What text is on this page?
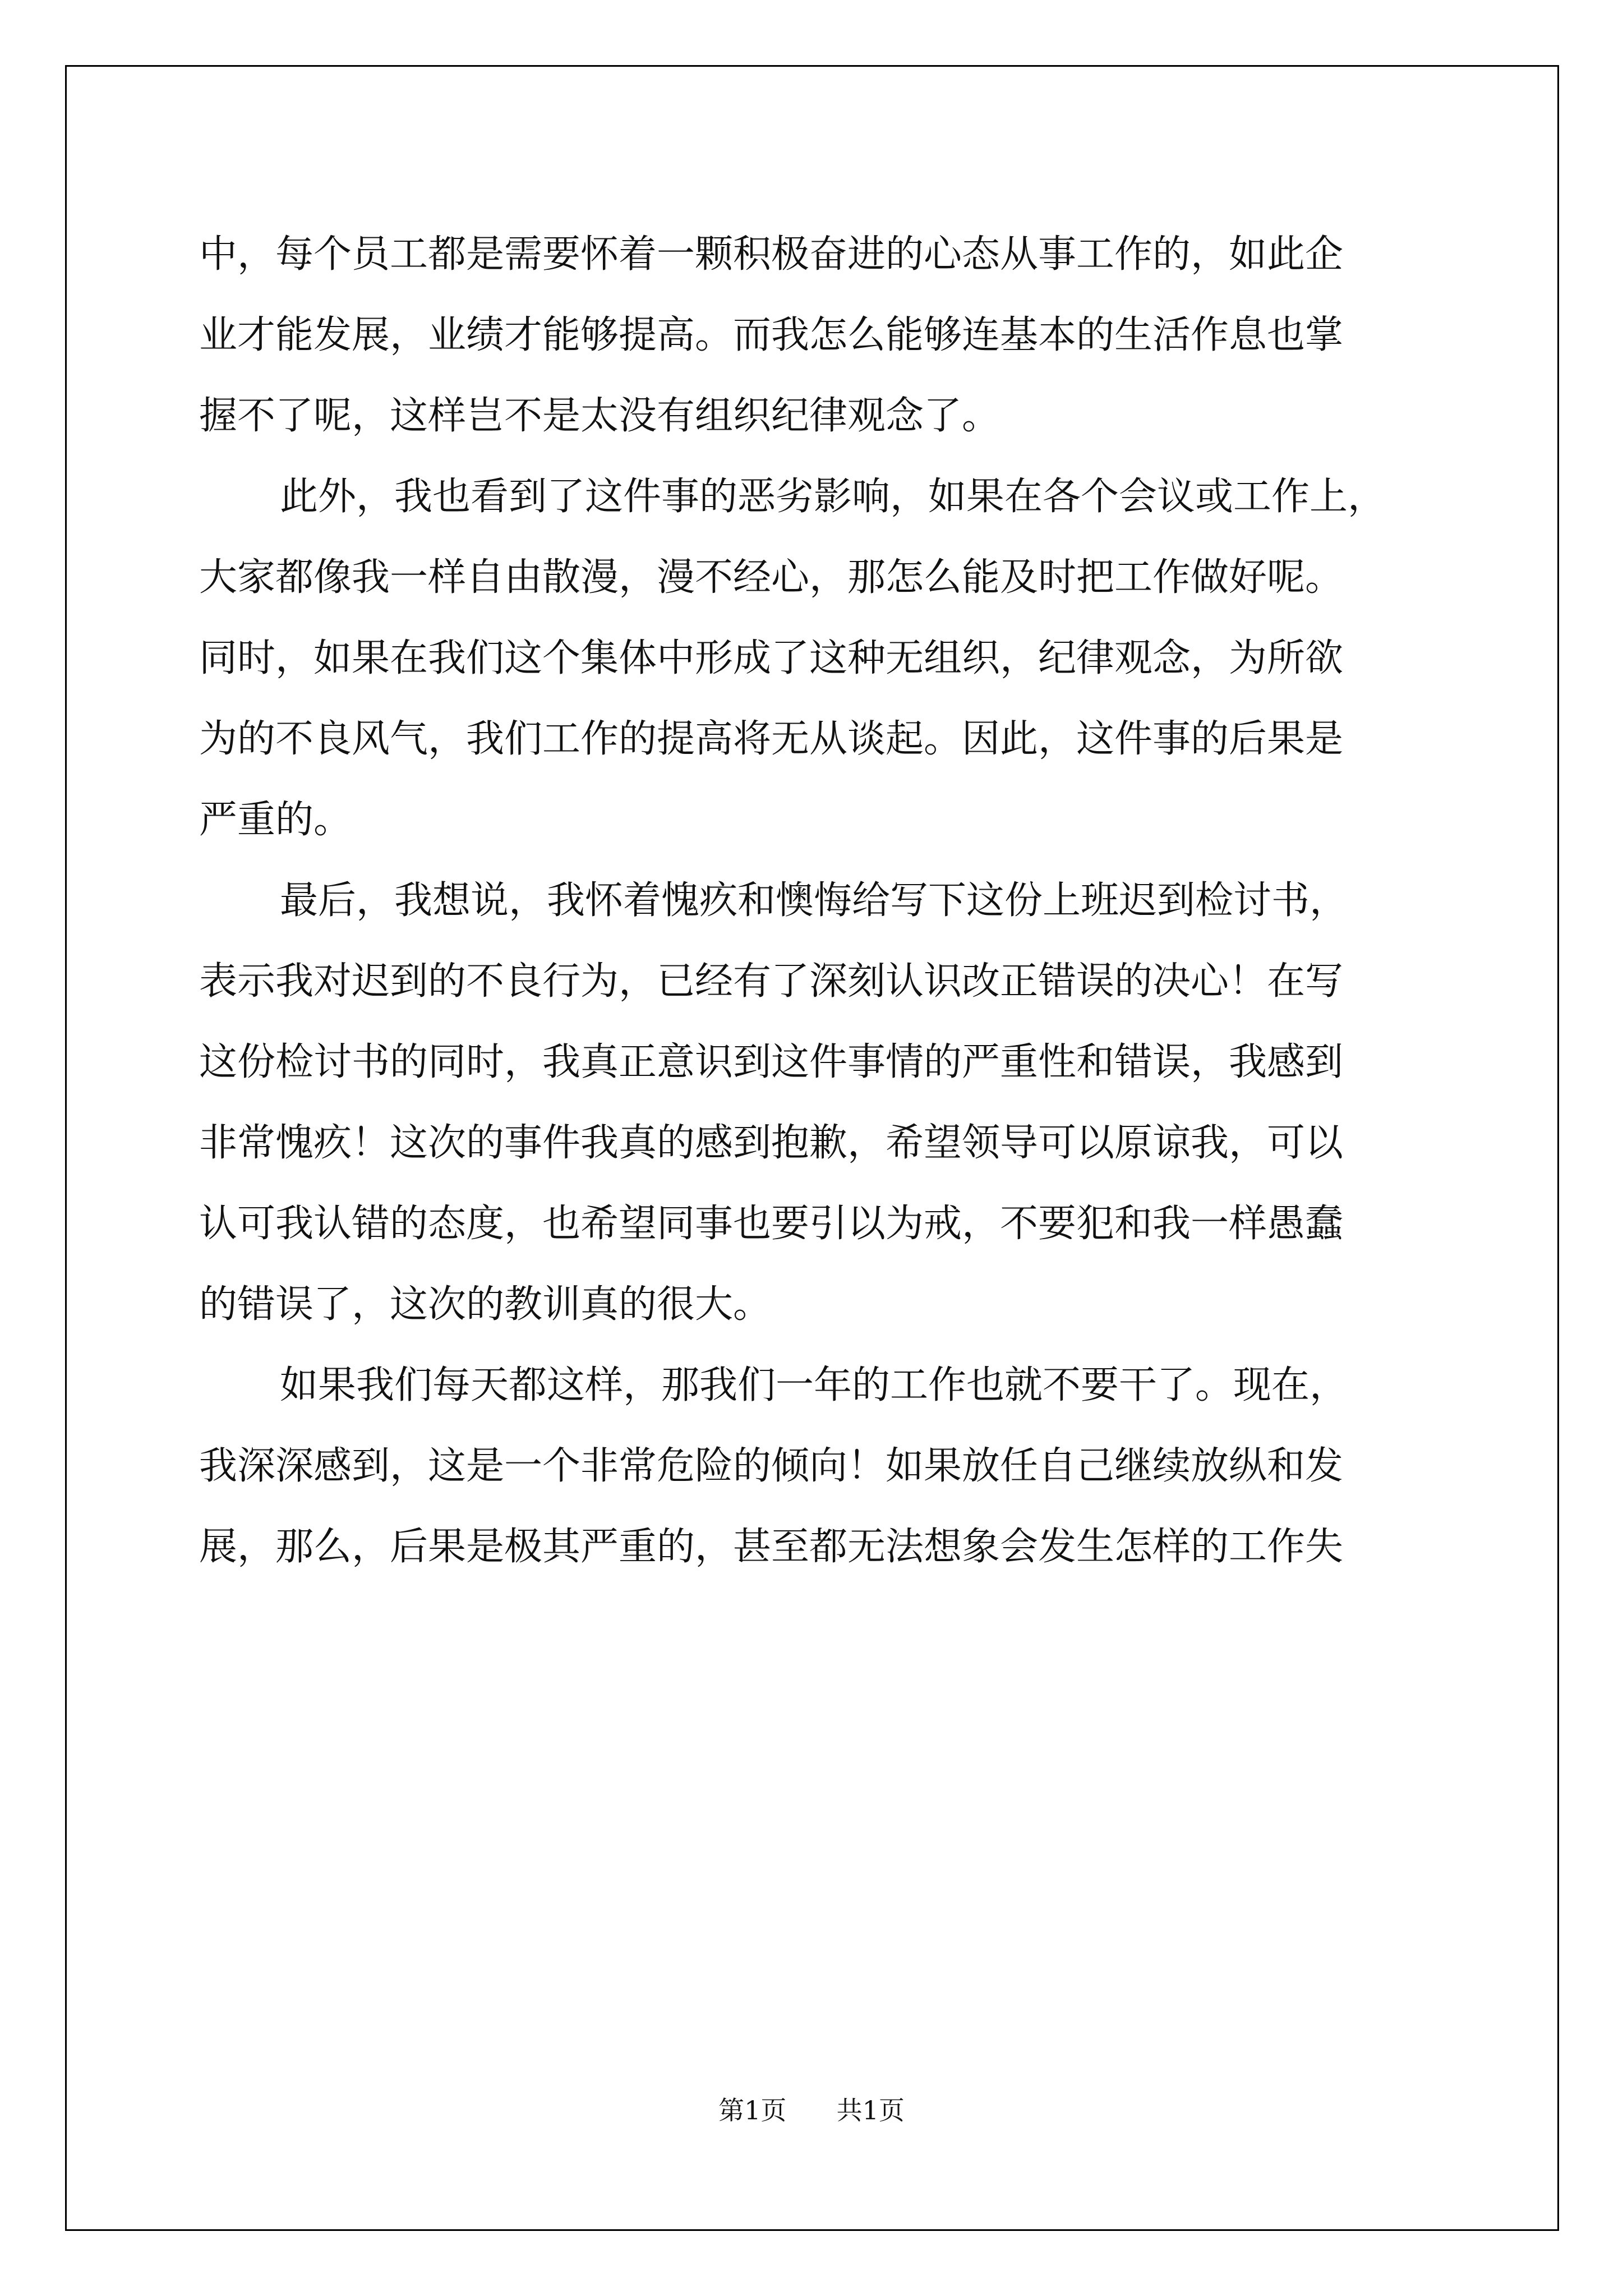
中，每个员工都是需要怀着一颗积极奋进的心态从事工作的，如此企
业才能发展，业绩才能够提高。而我怎么能够连基本的生活作息也掌
握不了呢，这样岂不是太没有组织纪律观念了。
此外，我也看到了这件事的恶劣影响，如果在各个会议或工作上，
大家都像我一样自由散漫，漫不经心，那怎么能及时把工作做好呢。
同时，如果在我们这个集体中形成了这种无组织，纪律观念，为所欲
为的不良风气，我们工作的提高将无从谈起。因此，这件事的后果是
严重的。
最后，我想说，我怀着愧疚和懊悔给写下这份上班迟到检讨书，
表示我对迟到的不良行为，已经有了深刻认识改正错误的决心！在写
这份检讨书的同时，我真正意识到这件事情的严重性和错误，我感到
非常愧疚！这次的事件我真的感到抱歉，希望领导可以原谅我，可以
认可我认错的态度，也希望同事也要引以为戒，不要犯和我一样愚蠢
的错误了，这次的教训真的很大。
如果我们每天都这样，那我们一年的工作也就不要干了。现在，
我深深感到，这是一个非常危险的倾向！如果放任自己继续放纵和发
展，那么，后果是极其严重的，甚至都无法想象会发生怎样的工作失
第1页 共1页
